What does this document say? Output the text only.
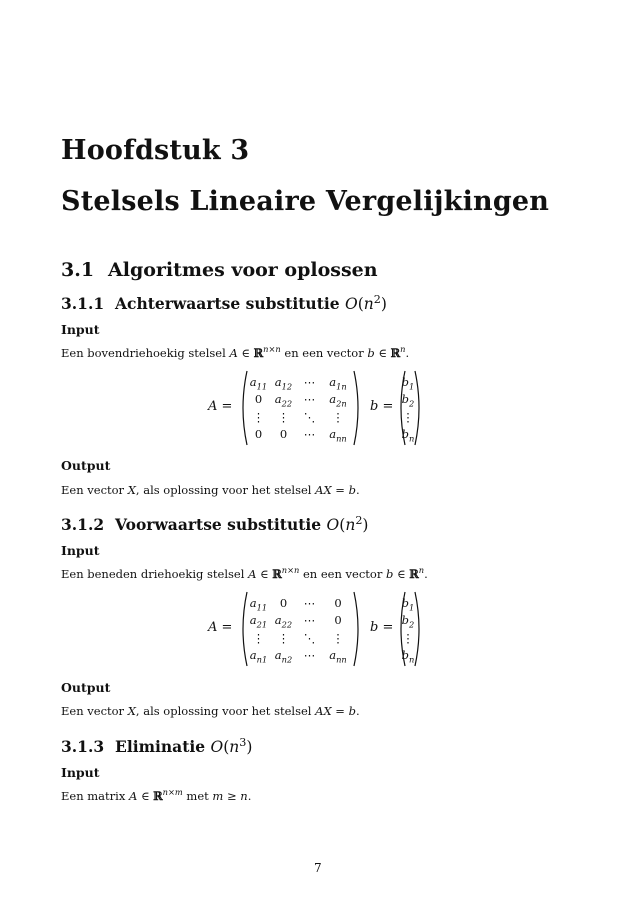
Hoofdstuk 3
Stelsels Lineaire Vergelijkingen
3.1 Algoritmes voor oplossen
3.1.1 Achterwaartse substitutie $O(n^2)$
Input
Een bovendriehoekig stelsel A ∈ ℝ$^{n\times n}$ en een vector b ∈ ℝ$^n$.
A =
$a_{11}$ $a_{12}$	⋯	$a_{1n}$
0	$a_{22}$	⋯	$a_{2n}$
⋮	⋮	⋱	⋮
0	0	⋯	$a_{nn}$
b =
$b_1$
$b_2$
⋮
$b_n$
Output
Een vector X, als oplossing voor het stelsel AX = b.
3.1.2 Voorwaartse substitutie $O(n^2)$
Input
Een beneden driehoekig stelsel A ∈ ℝ$^{n\times n}$ en een vector b ∈ ℝ$^n$.
A =
$a_{11}$	0	⋯	0
$a_{21}$ $a_{22}$	⋯	0
⋮	⋮	⋱	⋮
$a_{n1}$ $a_{n2}$	⋯	$a_{nn}$
b =
$b_1$
$b_2$
⋮
$b_n$
Output
Een vector X, als oplossing voor het stelsel AX = b.
3.1.3 Eliminatie $O(n^3)$
Input
Een matrix A ∈ ℝ$^{n\times m}$ met m ≥ n.
7
